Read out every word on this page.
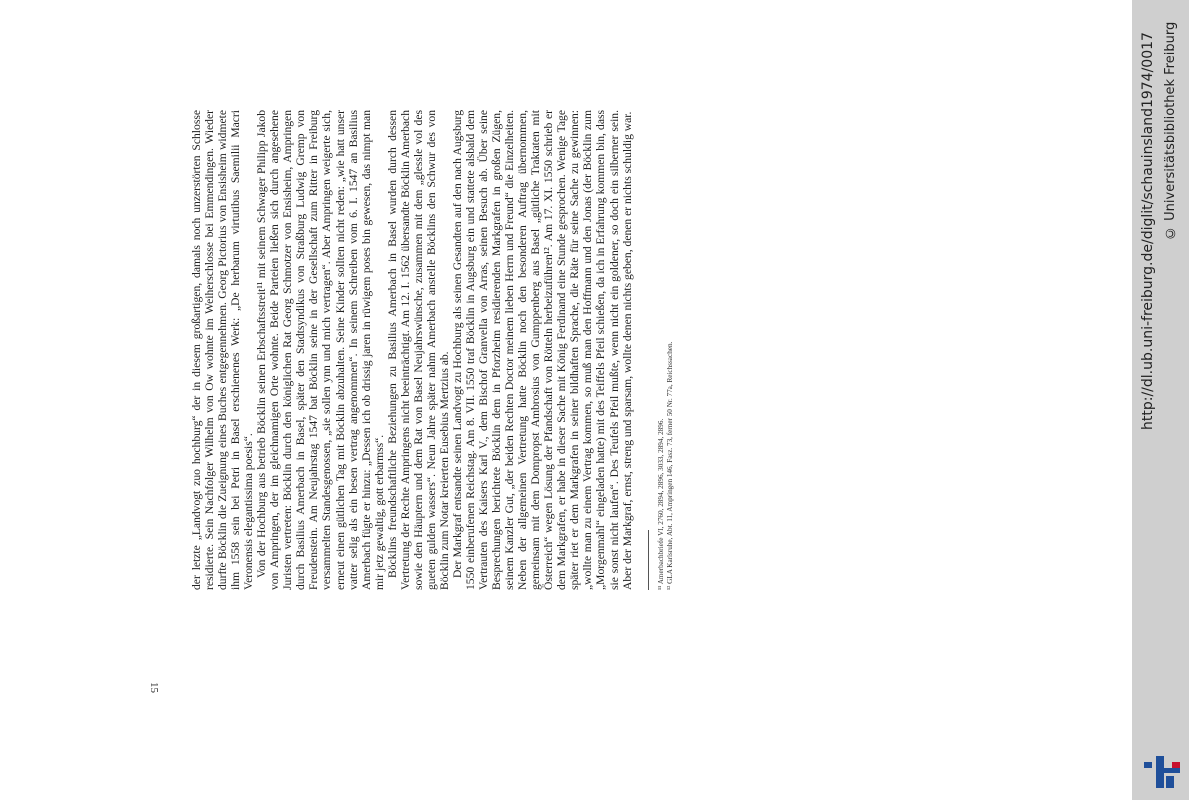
der letzte „Landvogt zuo hochburg“ der in diesem großartigen, damals noch unzerstörten Schlosse residierte. Sein Nachfolger Wilhelm von Ow wohnte im Weiherschlosse bei Emmendingen. Wieder durfte Böcklin die Zueignung eines Buches entgegennehmen. Georg Pictorius von Ensisheim widmete ihm 1558 sein bei Petri in Basel erschienenes Werk: „De herbarum virtutibus Saemilii Macri Veronensis elegantissima poesis“. Von der Hochburg aus betrieb Böcklin seinen Erbschaftsstreit¹¹ mit seinem Schwager Philipp Jakob von Ampringen, der im gleichnamigen Orte wohnte. Beide Parteien ließen sich durch angesehene Juristen vertreten: Böcklin durch den königlichen Rat Georg Schmotzer von Ensisheim, Ampringen durch Basilius Amerbach in Basel, später den Stadtsyndikus von Straßburg Ludwig Gremp von Freudenstein. Am Neujahrstag 1547 bat Böcklin seine in der Gesellschaft zum Ritter in Freiburg versammelten Standesgenossen, „sie sollen ynn und mich vertragen“. Aber Ampringen weigerte sich, erneut einen gütlichen Tag mit Böcklin abzuhalten. Seine Kinder sollten nicht reden: „wie hatt unser vatter selig als ein besen vertrag angenommen“. In seinem Schreiben vom 6. I. 1547 an Basilius Amerbach fügte er hinzu: „Dessen ich ob drissig jaren in rüwigem poses bin gewesen, das nimpt man mir jetz gewaltig, gott erbarmss“. Böcklins freundschaftliche Beziehungen zu Basilius Amerbach in Basel wurden durch dessen Vertretung der Rechte Ampringens nicht beeinträchtigt. Am 12. I. 1562 übersandte Böcklin Amerbach sowie den Häuptern und dem Rat von Basel Neujahrswünsche, zusammen mit dem „glessle vol des gueten gulden wassers“. Neun Jahre später nahm Amerbach anstelle Böcklins den Schwur des von Böcklin zum Notar kreierten Eusebius Mertzius ab. Der Markgraf entsandte seinen Landvogt zu Hochburg als seinen Gesandten auf den nach Augsburg 1550 einberufenen Reichstag. Am 8. VII. 1550 traf Böcklin in Augsburg ein und stattete alsbald dem Vertrauten des Kaisers Karl V., dem Bischof Granvella von Arras, seinen Besuch ab. Über seine Besprechungen berichtete Böcklin dem in Pforzheim residierenden Markgrafen in großen Zügen, seinem Kanzler Gut, „der beiden Rechten Doctor meinem lieben Herrn und Freund“ die Einzelheiten. Neben der allgemeinen Vertretung hatte Böcklin noch den besonderen Auftrag übernommen, gemeinsam mit dem Dompropst Ambrosius von Gumppenberg aus Basel „gütliche Traktaten mit Österreich“ wegen Lösung der Pfandschaft von Rötteln herbeizuführen¹². Am 17. XI. 1550 schrieb er dem Markgrafen, er habe in dieser Sache mit König Ferdinand eine Stunde gesprochen. Wenige Tage später riet er dem Markgrafen in seiner bildhaften Sprache, die Räte für seine Sache zu gewinnen: „wollte man zu einem Vertrag kommen, so muß man den Hoffmann und den Jonas (der Böcklin zum „Morgenmahl“ eingeladen hatte) mit des Teiffels Pfeil schießen, da ich in Erfahrung kommen bin, dass sie sonst nicht laufen“. Des Teufels Pfeil mußte, wenn nicht ein goldener, so doch ein silberner sein. Aber der Markgraf, ernst, streng und sparsam, wollte denen nichts geben, denen er nichts schuldig war.	¹¹ Amerbachbriefe VI, 2760, 2894, 2896, 3033, 2894, 2896. ¹² GLA Karlsruhe, Abt. 11, Ampringen 146, Fasz. 73, ferner 50 Nr. 77a, Reichssachen.

15
http://dl.ub.uni-freiburg.de/diglit/schauinsland1974/0017 © Universitätsbibliothek Freiburg
